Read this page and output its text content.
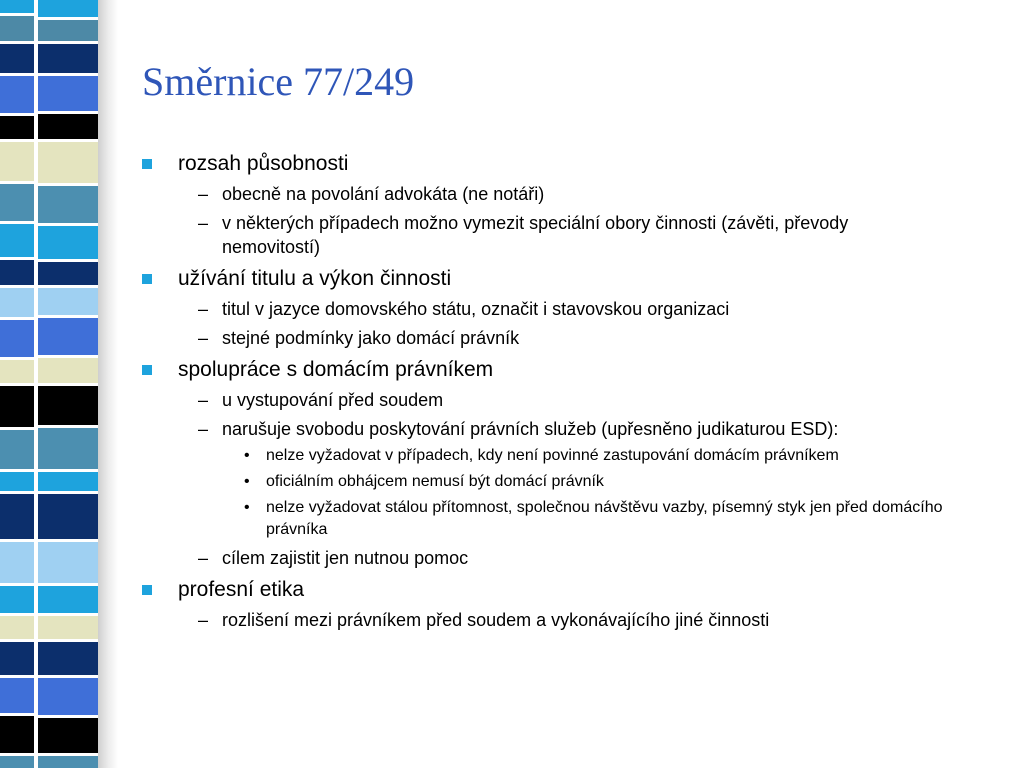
Směrnice 77/249
rozsah působnosti
– obecně na povolání advokáta (ne notáři)
– v některých případech možno vymezit speciální obory činnosti (závěti, převody nemovitostí)
užívání titulu a výkon činnosti
– titul v jazyce domovského státu, označit i stavovskou organizaci
– stejné podmínky jako domácí právník
spolupráce s domácím právníkem
– u vystupování před soudem
– narušuje svobodu poskytování právních služeb (upřesněno judikaturou ESD):
• nelze vyžadovat v případech, kdy není povinné zastupování domácím právníkem
• oficiálním obhájcem nemusí být domácí právník
• nelze vyžadovat stálou přítomnost, společnou návštěvu vazby, písemný styk jen před domácího právníka
– cílem zajistit jen nutnou pomoc
profesní etika
– rozlišení mezi právníkem před soudem a vykonávajícího jiné činnosti
